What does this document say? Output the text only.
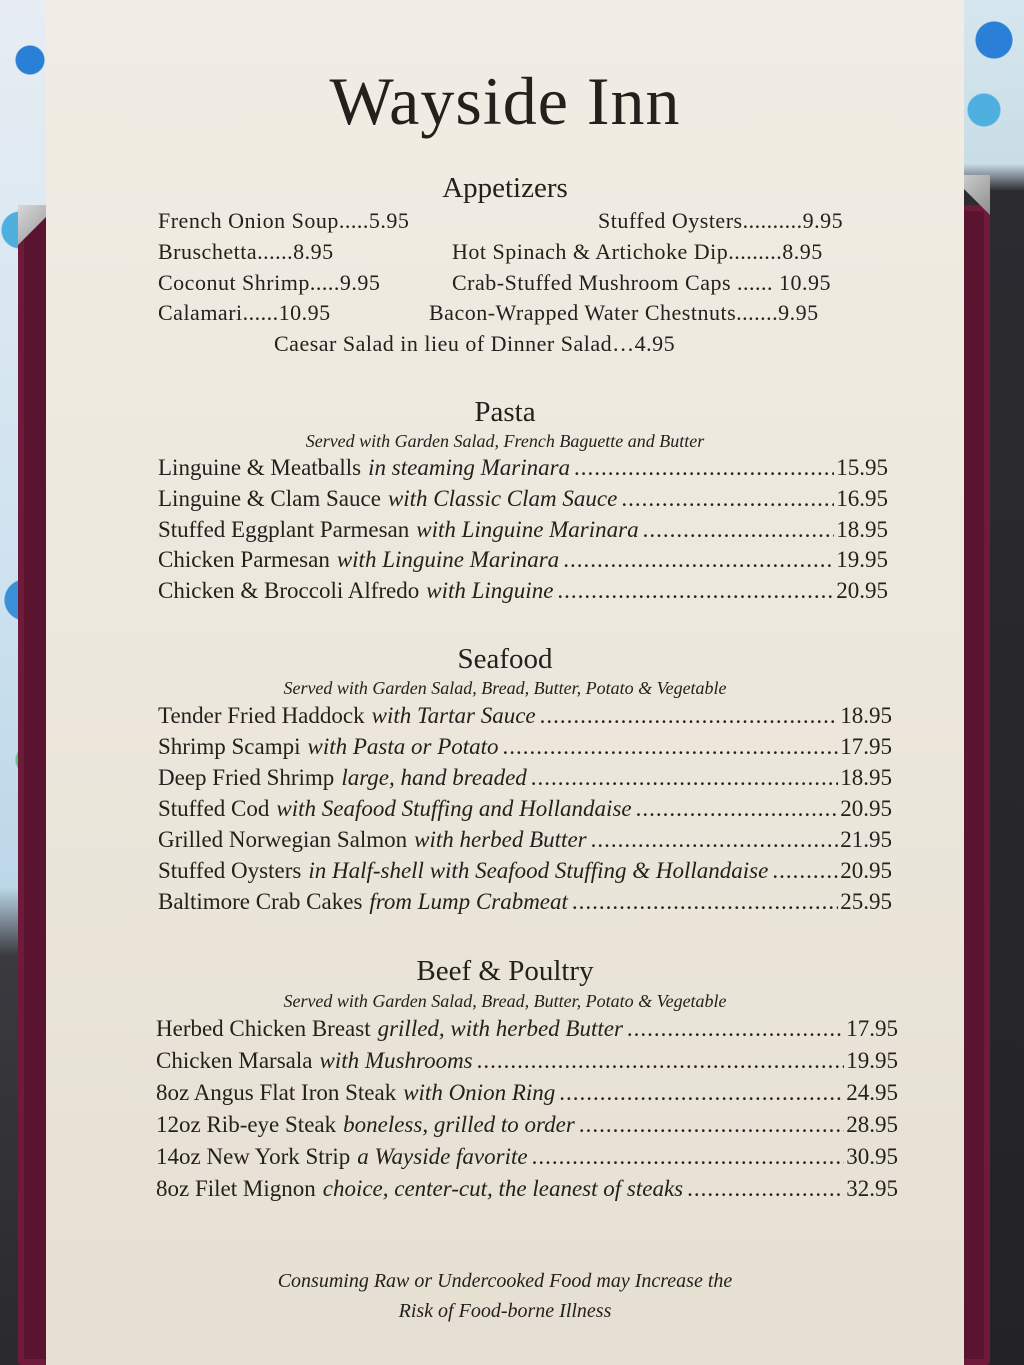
Wayside Inn
Appetizers
French Onion Soup.....5.95	Stuffed Oysters..........9.95
Bruschetta......8.95	Hot Spinach & Artichoke Dip.........8.95
Coconut Shrimp.....9.95	Crab-Stuffed Mushroom Caps ...... 10.95
Calamari......10.95	Bacon-Wrapped Water Chestnuts.......9.95
Caesar Salad in lieu of Dinner Salad…4.95
Pasta
Served with Garden Salad, French Baguette and Butter
Linguine & Meatballs in steaming Marinara .....	15.95
Linguine & Clam Sauce with Classic Clam Sauce .....	16.95
Stuffed Eggplant Parmesan with Linguine Marinara .....	18.95
Chicken Parmesan with Linguine Marinara .....	19.95
Chicken & Broccoli Alfredo with Linguine .....	20.95
Seafood
Served with Garden Salad, Bread, Butter, Potato & Vegetable
Tender Fried Haddock with Tartar Sauce .....	18.95
Shrimp Scampi with Pasta or Potato .....	17.95
Deep Fried Shrimp large, hand breaded .....	18.95
Stuffed Cod with Seafood Stuffing and Hollandaise .....	20.95
Grilled Norwegian Salmon with herbed Butter .....	21.95
Stuffed Oysters in Half-shell with Seafood Stuffing & Hollandaise .....	20.95
Baltimore Crab Cakes from Lump Crabmeat .....	25.95
Beef & Poultry
Served with Garden Salad, Bread, Butter, Potato & Vegetable
Herbed Chicken Breast grilled, with herbed Butter .....	17.95
Chicken Marsala with Mushrooms .....	19.95
8oz Angus Flat Iron Steak with Onion Ring .....	24.95
12oz Rib-eye Steak boneless, grilled to order .....	28.95
14oz New York Strip a Wayside favorite .....	30.95
8oz Filet Mignon choice, center-cut, the leanest of steaks .....	32.95
Consuming Raw or Undercooked Food may Increase the
Risk of Food-borne Illness
